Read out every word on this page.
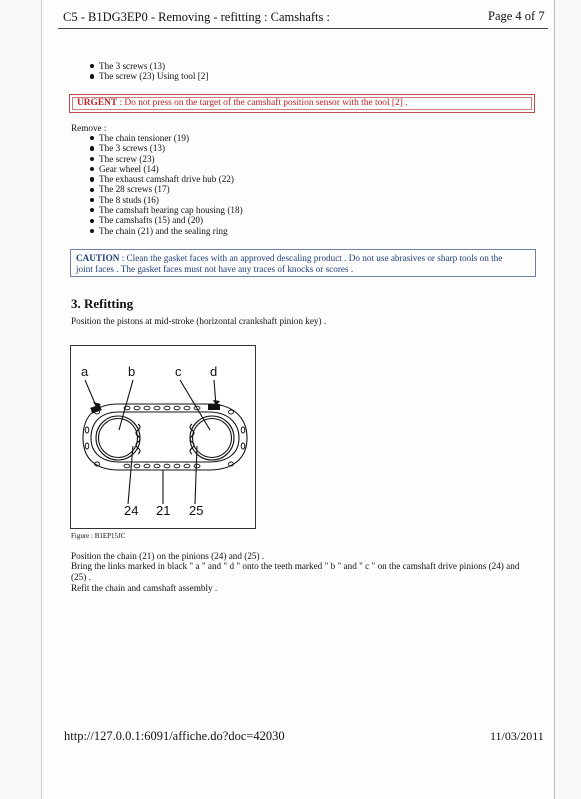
C5 - B1DG3EP0 - Removing - refitting : Camshafts :	Page 4 of 7
The 3 screws (13)
The screw (23) Using tool [2]
URGENT : Do not press on the target of the camshaft position sensor with the tool [2] .
Remove :
The chain tensioner (19)
The 3 screws (13)
The screw (23)
Gear wheel (14)
The exhaust camshaft drive hub (22)
The 28 screws (17)
The 8 studs (16)
The camshaft bearing cap housing (18)
The camshafts (15) and (20)
The chain (21) and the sealing ring
CAUTION : Clean the gasket faces with an approved descaling product . Do not use abrasives or sharp tools on the
joint faces . The gasket faces must not have any traces of knocks or scores .
3. Refitting
Position the pistons at mid-stroke (horizontal crankshaft pinion key) .
a	b	c d
24 21 25
Figure : B1EP15JC
Position the chain (21) on the pinions (24) and (25) .
Bring the links marked in black " a " and " d " onto the teeth marked " b " and " c " on the camshaft drive pinions (24) and
(25) .
Refit the chain and camshaft assembly .
http://127.0.0.1:6091/affiche.do?doc=42030	11/03/2011
